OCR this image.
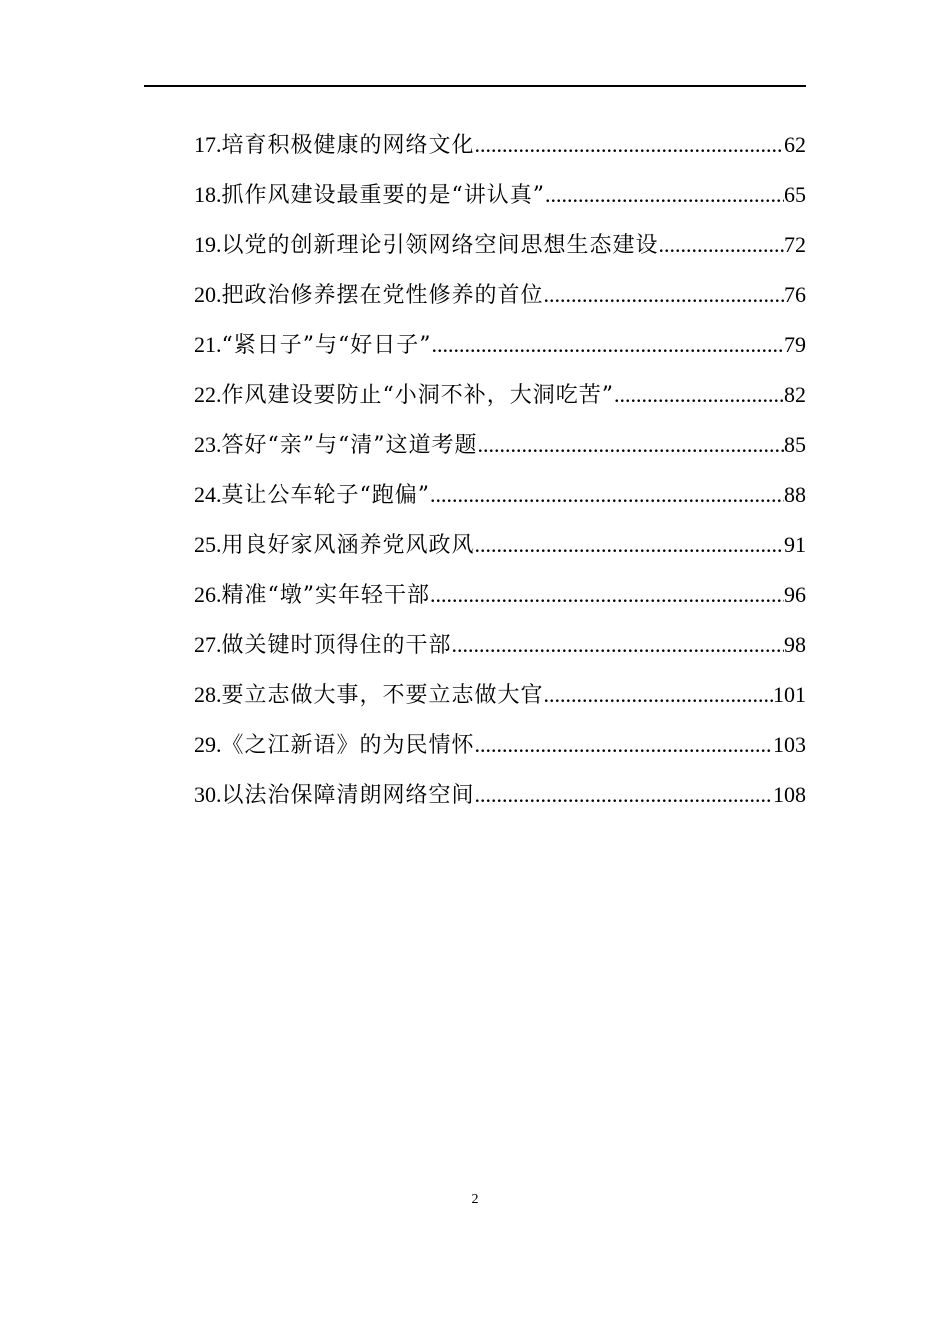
17. 培育积极健康的网络文化 .....	62
18. 抓作风建设最重要的是“讲认真” .....	65
19. 以党的创新理论引领网络空间思想生态建设 .....	72
20. 把政治修养摆在党性修养的首位 .....	76
21. “紧日子”与“好日子” .....	79
22. 作风建设要防止“小洞不补，大洞吃苦” .....	82
23. 答好“亲”与“清”这道考题 .....	85
24. 莫让公车轮子“跑偏” .....	88
25. 用良好家风涵养党风政风 .....	91
26. 精准“墩”实年轻干部 .....	96
27. 做关键时顶得住的干部 .....	98
28. 要立志做大事，不要立志做大官 .....	101
29. 《之江新语》的为民情怀 .....	103
30. 以法治保障清朗网络空间 .....	108
2
